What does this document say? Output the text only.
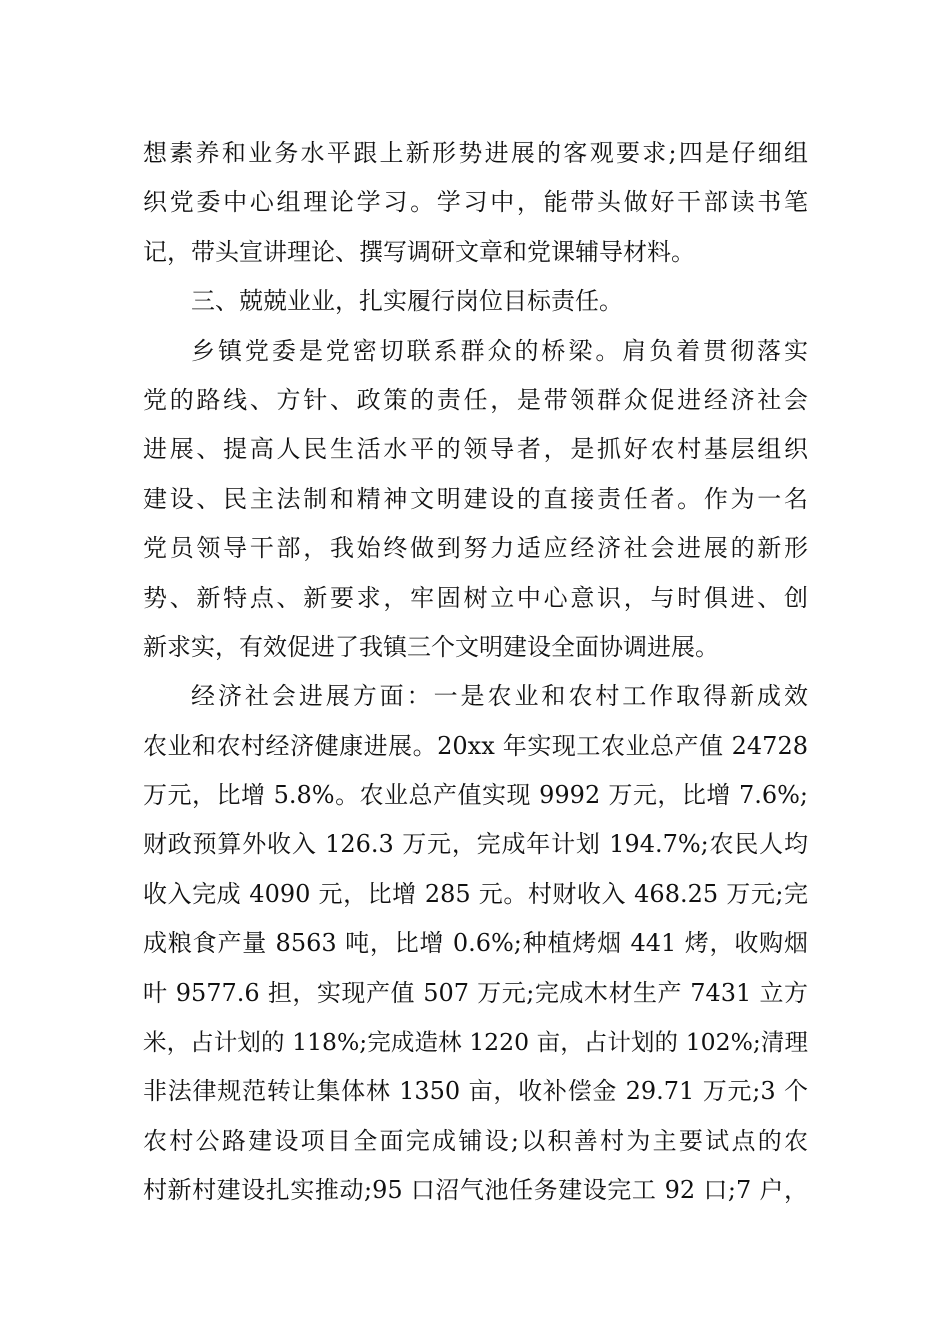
想素养和业务水平跟上新形势进展的客观要求;四是仔细组
织党委中心组理论学习。学习中，能带头做好干部读书笔
记，带头宣讲理论、撰写调研文章和党课辅导材料。
三、兢兢业业，扎实履行岗位目标责任。
乡镇党委是党密切联系群众的桥梁。肩负着贯彻落实
党的路线、方针、政策的责任，是带领群众促进经济社会
进展、提高人民生活水平的领导者，是抓好农村基层组织
建设、民主法制和精神文明建设的直接责任者。作为一名
党员领导干部，我始终做到努力适应经济社会进展的新形
势、新特点、新要求，牢固树立中心意识，与时俱进、创
新求实，有效促进了我镇三个文明建设全面协调进展。
经济社会进展方面：一是农业和农村工作取得新成效
农业和农村经济健康进展。20xx 年实现工农业总产值 24728
万元，比增 5.8%。农业总产值实现 9992 万元，比增 7.6%;
财政预算外收入 126.3 万元，完成年计划 194.7%;农民人均
收入完成 4090 元，比增 285 元。村财收入 468.25 万元;完
成粮食产量 8563 吨，比增 0.6%;种植烤烟 441 烤，收购烟
叶 9577.6 担，实现产值 507 万元;完成木材生产 7431 立方
米，占计划的 118%;完成造林 1220 亩，占计划的 102%;清理
非法律规范转让集体林 1350 亩，收补偿金 29.71 万元;3 个
农村公路建设项目全面完成铺设;以积善村为主要试点的农
村新村建设扎实推动;95 口沼气池任务建设完工 92 口;7 户，
